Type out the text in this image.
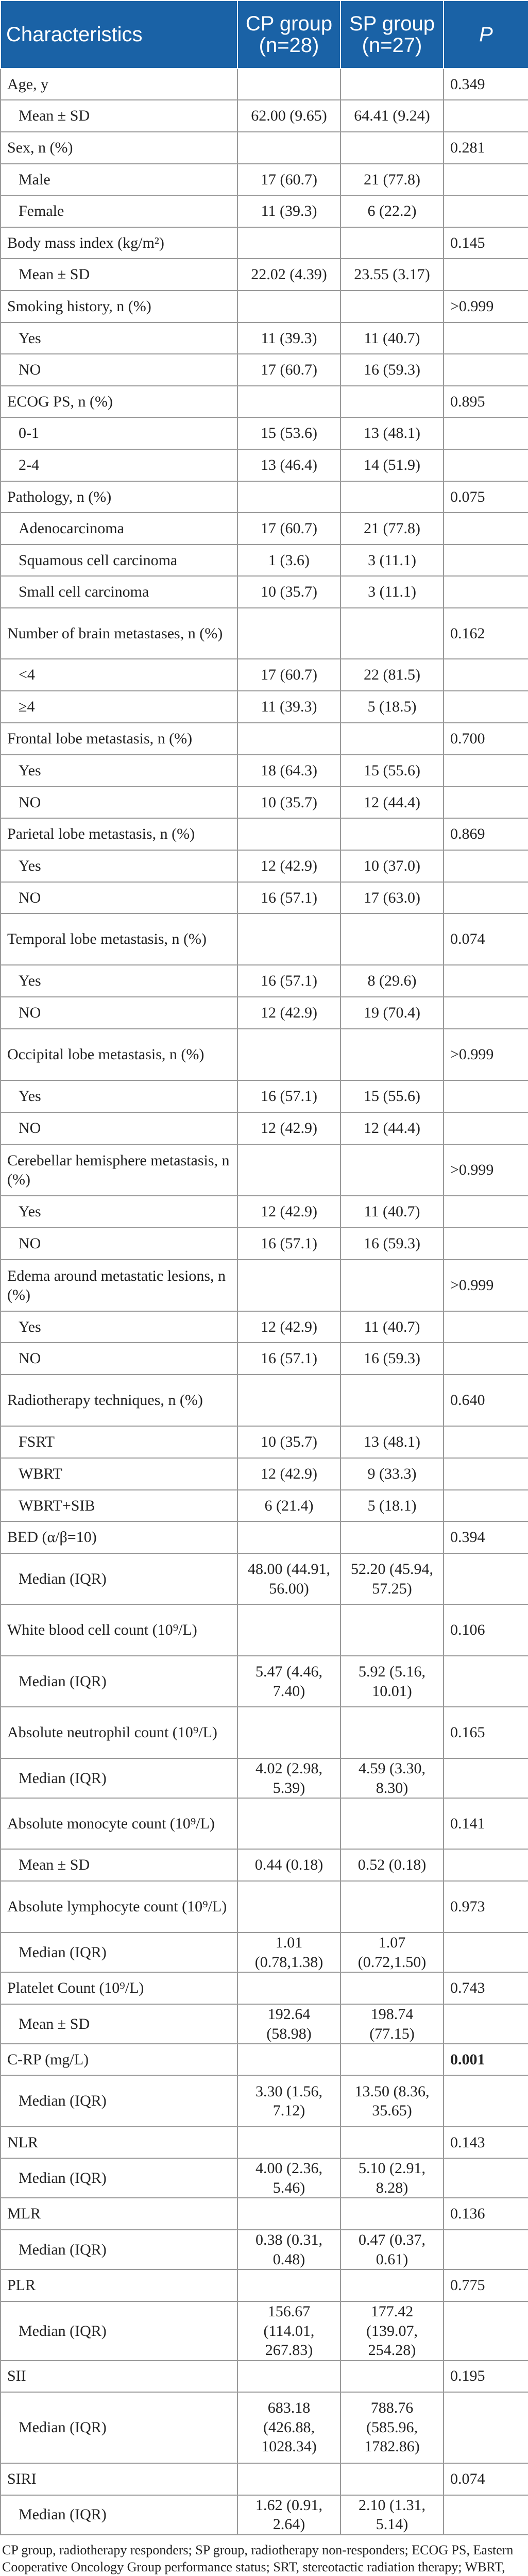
Characteristics	CP group (n=28)	SP group (n=27)	P
Age, y			0.349
Mean ± SD	62.00 (9.65)	64.41 (9.24)	
Sex, n (%)			0.281
Male	17 (60.7)	21 (77.8)	
Female	11 (39.3)	6 (22.2)	
Body mass index (kg/m²)			0.145
Mean ± SD	22.02 (4.39)	23.55 (3.17)	
Smoking history, n (%)			>0.999
Yes	11 (39.3)	11 (40.7)	
NO	17 (60.7)	16 (59.3)	
ECOG PS, n (%)			0.895
0-1	15 (53.6)	13 (48.1)	
2-4	13 (46.4)	14 (51.9)	
Pathology, n (%)			0.075
Adenocarcinoma	17 (60.7)	21 (77.8)	
Squamous cell carcinoma	1 (3.6)	3 (11.1)	
Small cell carcinoma	10 (35.7)	3 (11.1)	
Number of brain metastases, n (%)			0.162
<4	17 (60.7)	22 (81.5)	
≥4	11 (39.3)	5 (18.5)	
Frontal lobe metastasis, n (%)			0.700
Yes	18 (64.3)	15 (55.6)	
NO	10 (35.7)	12 (44.4)	
Parietal lobe metastasis, n (%)			0.869
Yes	12 (42.9)	10 (37.0)	
NO	16 (57.1)	17 (63.0)	
Temporal lobe metastasis, n (%)			0.074
Yes	16 (57.1)	8 (29.6)	
NO	12 (42.9)	19 (70.4)	
Occipital lobe metastasis, n (%)			>0.999
Yes	16 (57.1)	15 (55.6)	
NO	12 (42.9)	12 (44.4)	
Cerebellar hemisphere metastasis, n (%)			>0.999
Yes	12 (42.9)	11 (40.7)	
NO	16 (57.1)	16 (59.3)	
Edema around metastatic lesions, n (%)			>0.999
Yes	12 (42.9)	11 (40.7)	
NO	16 (57.1)	16 (59.3)	
Radiotherapy techniques, n (%)			0.640
FSRT	10 (35.7)	13 (48.1)	
WBRT	12 (42.9)	9 (33.3)	
WBRT+SIB	6 (21.4)	5 (18.1)	
BED (α/β=10)			0.394
Median (IQR)	48.00 (44.91, 56.00)	52.20 (45.94, 57.25)	
White blood cell count (10⁹/L)			0.106
Median (IQR)	5.47 (4.46, 7.40)	5.92 (5.16, 10.01)	
Absolute neutrophil count (10⁹/L)			0.165
Median (IQR)	4.02 (2.98, 5.39)	4.59 (3.30, 8.30)	
Absolute monocyte count (10⁹/L)			0.141
Mean ± SD	0.44 (0.18)	0.52 (0.18)	
Absolute lymphocyte count (10⁹/L)			0.973
Median (IQR)	1.01 (0.78,1.38)	1.07 (0.72,1.50)	
Platelet Count (10⁹/L)			0.743
Mean ± SD	192.64 (58.98)	198.74 (77.15)	
C-RP (mg/L)			0.001
Median (IQR)	3.30 (1.56, 7.12)	13.50 (8.36, 35.65)	
NLR			0.143
Median (IQR)	4.00 (2.36, 5.46)	5.10 (2.91, 8.28)	
MLR			0.136
Median (IQR)	0.38 (0.31, 0.48)	0.47 (0.37, 0.61)	
PLR			0.775
Median (IQR)	156.67 (114.01, 267.83)	177.42 (139.07, 254.28)	
SII			0.195
Median (IQR)	683.18 (426.88, 1028.34)	788.76 (585.96, 1782.86)	
SIRI			0.074
Median (IQR)	1.62 (0.91, 2.64)	2.10 (1.31, 5.14)	

CP group, radiotherapy responders; SP group, radiotherapy non-responders; ECOG PS, Eastern Cooperative Oncology Group performance status; SRT, stereotactic radiation therapy; WBRT,
